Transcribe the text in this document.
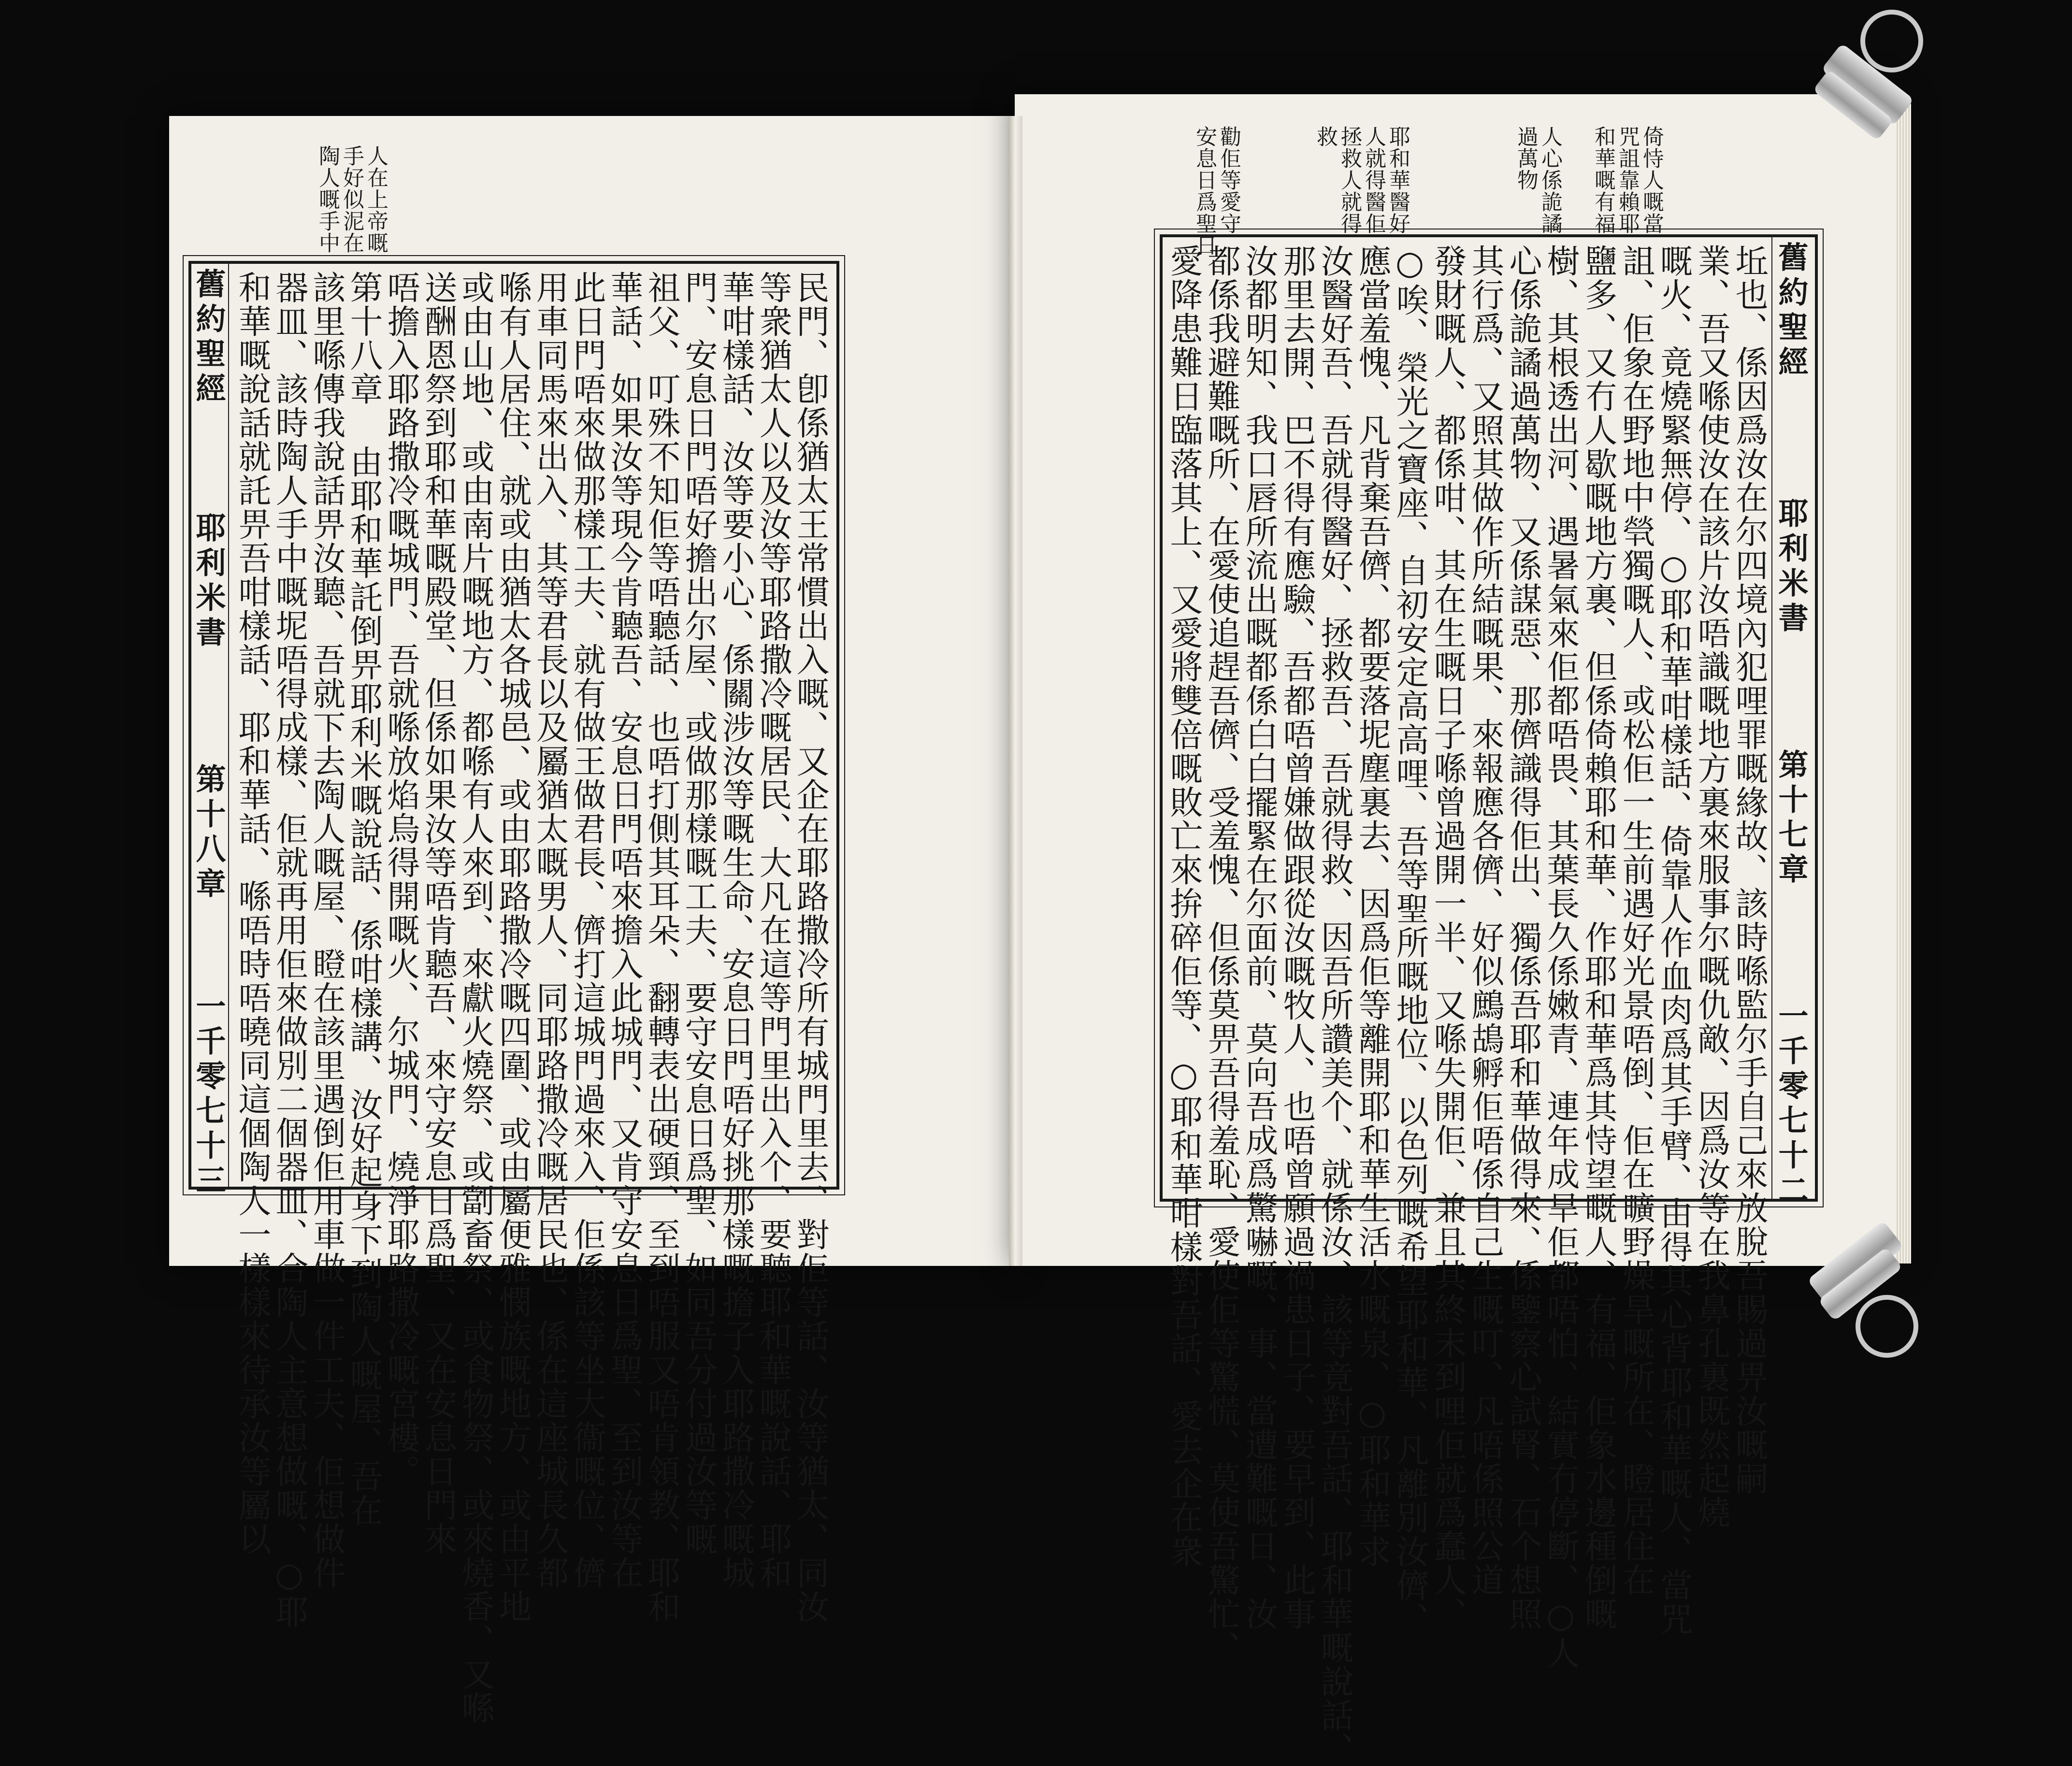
人在上帝嘅
手好似泥在
陶人嘅手中
舊約聖經
耶利米書
第十八章
一千零七十三	民門、卽係猶太王常慣出入嘅、又企在耶路撒冷所有城門里去、對佢等話、汝等猶太、同汝
等衆猶太人以及汝等耶路撒冷嘅居民、大凡在這等門里出入个、要聽耶和華嘅說話、耶和
華咁樣話、汝等要小心、係關涉汝等嘅生命、安息日門唔好挑那樣嘅擔子入耶路撒冷嘅城
門、安息日門唔好擔出尔屋、或做那樣嘅工夫、要守安息日爲聖、如同吾分付過汝等嘅
祖父、叮殊不知佢等唔聽話、也唔打側其耳朵、翻轉表出硬頸、至到唔服又唔肯領教、耶和
華話、如果汝等現今肯聽吾、安息日門唔來擔入此城門、又肯守安息日爲聖、至到汝等在
此日門唔來做那樣工夫、就有做王做君長、儕打這城門過來入、佢係該等坐大衞嘅位、儕
用車同馬來出入、其等君長以及屬猶太嘅男人、同耶路撒冷嘅居民也、係在這座城長久都
喺有人居住、就或由猶太各城邑、或由耶路撒冷嘅四圍、或由屬便雅憫族嘅地方、或由平地
或由山地、或由南片嘅地方、都喺有人來到、來獻火燒祭、或劏畜祭、或食物祭、或來燒香、又喺
送酬恩祭到耶和華嘅殿堂、但係如果汝等唔肯聽吾、來守安息日爲聖、又在安息日門來
唔擔入耶路撒冷嘅城門、吾就喺放焰烏得開嘅火、尔城門、燒淨耶路撒冷嘅宮樓。
第十八章 由耶和華託倒畀耶利米嘅說話、係咁樣講、汝好起身下到陶人嘅屋、吾在
該里喺傳我說話畀汝聽、吾就下去陶人嘅屋、瞪在該里遇倒佢用車做一件工夫、佢想做件
器皿、該時陶人手中嘅坭唔得成樣、佢就再用佢來做別二個器皿、合陶人主意想做嘅、○耶
和華嘅說話就託畀吾咁樣話、耶和華話、喺唔時唔曉同這個陶人一樣樣來待承汝等屬以
倚恃人嘅當
咒詛靠賴耶
和華嘅有福
人心係詭譎
過萬物
耶和華醫好
人就得醫佢
拯救人就得
救
勸佢等愛守
安息日爲聖日
舊約聖經
耶利米書
第十七章
一千零七十二
坵也、係因爲汝在尔四境內犯哩罪嘅緣故、該時喺監尔手自己來放脫吾賜過畀汝嘅嗣
業、吾又喺使汝在該片汝唔識嘅地方裏來服事尔嘅仇敵、因爲汝等在我鼻孔裏既然起燒
嘅火、竟燒緊無停、○耶和華咁樣話、倚靠人作血肉爲其手臂、由得其心背耶和華嘅人、當咒
詛、佢象在野地中煢獨嘅人、或松佢一生前遇好光景唔倒、佢在曠野燥旱嘅所在、瞪居住在
鹽多、又冇人歇嘅地方裏、但係倚賴耶和華、作耶和華爲其恃望嘅人、有福、佢象水邊種倒嘅
樹、其根透出河、遇暑氣來佢都唔畏、其葉長久係嫩青、連年成旱佢都唔怕、結實冇停斷、○人
心係詭譎過萬物、又係謀惡、那儕識得佢出、獨係吾耶和華做得來、係鑒察心試腎、石个想照
其行爲、又照其做作所結嘅果、來報應各儕、好似鷓鴣孵佢唔係自己生嘅叮、凡唔係照公道
發財嘅人、都係咁、其在生嘅日子喺曾過開一半、又喺失開佢、兼且其終末到哩佢就爲蠢人、
○唉、榮光之寶座、自初安定高高哩、吾等聖所嘅地位、以色列嘅希望耶和華、凡離別汝儕、
應當羞愧、凡背棄吾儕、都要落坭塵裏去、因爲佢等離開耶和華生活水嘅泉、○耶和華求
汝醫好吾、吾就得醫好、拯救吾、吾就得救、因吾所讚美个、就係汝、該等竟對吾話、耶和華嘅說話、
那里去開、巴不得有應驗、吾都唔曾嫌做跟從汝嘅牧人、也唔曾願過禍患日子、要早到、此事
汝都明知、我口唇所流出嘅都係白白擺緊在尔面前、莫向吾成爲驚嚇嘅、事、當遭難嘅日、汝
都係我避難嘅所、在愛使追趕吾儕、受羞愧、但係莫畀吾得羞恥、愛使佢等驚慌、莫使吾驚忙、
愛降患難日臨落其上、又愛將雙倍嘅敗亡來拚碎佢等、○耶和華咁樣對吾話、愛去企在衆
